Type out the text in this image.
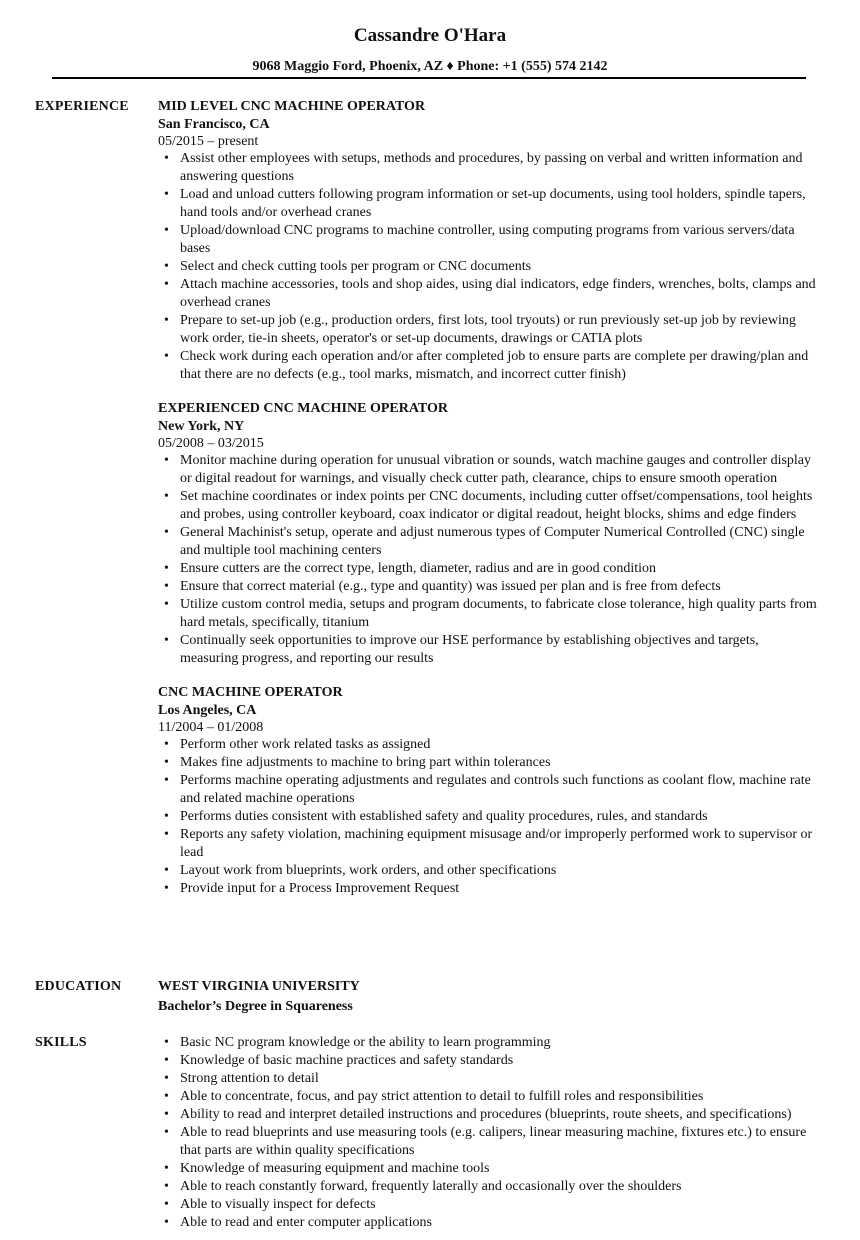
Cassandre O'Hara
9068 Maggio Ford, Phoenix, AZ ♦ Phone: +1 (555) 574 2142
EXPERIENCE MID LEVEL CNC MACHINE OPERATOR
San Francisco, CA
05/2015 – present
• Assist other employees with setups, methods and procedures, by passing on verbal and written information and answering questions
• Load and unload cutters following program information or set-up documents, using tool holders, spindle tapers, hand tools and/or overhead cranes
• Upload/download CNC programs to machine controller, using computing programs from various servers/data bases
• Select and check cutting tools per program or CNC documents
• Attach machine accessories, tools and shop aides, using dial indicators, edge finders, wrenches, bolts, clamps and overhead cranes
• Prepare to set-up job (e.g., production orders, first lots, tool tryouts) or run previously set-up job by reviewing work order, tie-in sheets, operator's or set-up documents, drawings or CATIA plots
• Check work during each operation and/or after completed job to ensure parts are complete per drawing/plan and that there are no defects (e.g., tool marks, mismatch, and incorrect cutter finish)
EXPERIENCED CNC MACHINE OPERATOR
New York, NY
05/2008 – 03/2015
• Monitor machine during operation for unusual vibration or sounds, watch machine gauges and controller display or digital readout for warnings, and visually check cutter path, clearance, chips to ensure smooth operation
• Set machine coordinates or index points per CNC documents, including cutter offset/compensations, tool heights and probes, using controller keyboard, coax indicator or digital readout, height blocks, shims and edge finders
• General Machinist's setup, operate and adjust numerous types of Computer Numerical Controlled (CNC) single and multiple tool machining centers
• Ensure cutters are the correct type, length, diameter, radius and are in good condition
• Ensure that correct material (e.g., type and quantity) was issued per plan and is free from defects
• Utilize custom control media, setups and program documents, to fabricate close tolerance, high quality parts from hard metals, specifically, titanium
• Continually seek opportunities to improve our HSE performance by establishing objectives and targets, measuring progress, and reporting our results
CNC MACHINE OPERATOR
Los Angeles, CA
11/2004 – 01/2008
• Perform other work related tasks as assigned
• Makes fine adjustments to machine to bring part within tolerances
• Performs machine operating adjustments and regulates and controls such functions as coolant flow, machine rate and related machine operations
• Performs duties consistent with established safety and quality procedures, rules, and standards
• Reports any safety violation, machining equipment misusage and/or improperly performed work to supervisor or lead
• Layout work from blueprints, work orders, and other specifications
• Provide input for a Process Improvement Request
EDUCATION	WEST VIRGINIA UNIVERSITY
Bachelor’s Degree in Squareness
SKILLS	• Basic NC program knowledge or the ability to learn programming
• Knowledge of basic machine practices and safety standards
• Strong attention to detail
• Able to concentrate, focus, and pay strict attention to detail to fulfill roles and responsibilities
• Ability to read and interpret detailed instructions and procedures (blueprints, route sheets, and specifications)
• Able to read blueprints and use measuring tools (e.g. calipers, linear measuring machine, fixtures etc.) to ensure that parts are within quality specifications
• Knowledge of measuring equipment and machine tools
• Able to reach constantly forward, frequently laterally and occasionally over the shoulders
• Able to visually inspect for defects
• Able to read and enter computer applications
